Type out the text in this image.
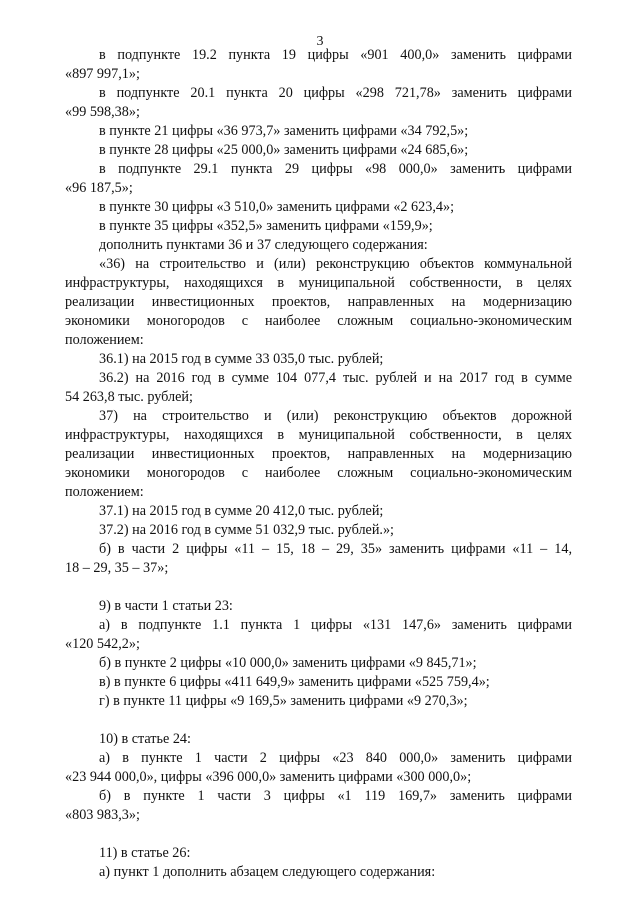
3
в подпункте 19.2 пункта 19 цифры «901 400,0» заменить цифрами
«897 997,1»;
в подпункте 20.1 пункта 20 цифры «298 721,78» заменить цифрами
«99 598,38»;
в пункте 21 цифры «36 973,7» заменить цифрами «34 792,5»;
в пункте 28 цифры «25 000,0» заменить цифрами «24 685,6»;
в подпункте 29.1 пункта 29 цифры «98 000,0» заменить цифрами
«96 187,5»;
в пункте 30 цифры «3 510,0» заменить цифрами «2 623,4»;
в пункте 35 цифры «352,5» заменить цифрами «159,9»;
дополнить пунктами 36 и 37 следующего содержания:
«36) на строительство и (или) реконструкцию объектов коммунальной
инфраструктуры, находящихся в муниципальной собственности, в целях
реализации инвестиционных проектов, направленных на модернизацию
экономики моногородов с наиболее сложным социально-экономическим
положением:
36.1) на 2015 год в сумме 33 035,0 тыс. рублей;
36.2) на 2016 год в сумме 104 077,4 тыс. рублей и на 2017 год в сумме
54 263,8 тыс. рублей;
37) на строительство и (или) реконструкцию объектов дорожной
инфраструктуры, находящихся в муниципальной собственности, в целях
реализации инвестиционных проектов, направленных на модернизацию
экономики моногородов с наиболее сложным социально-экономическим
положением:
37.1) на 2015 год в сумме 20 412,0 тыс. рублей;
37.2) на 2016 год в сумме 51 032,9 тыс. рублей.»;
б) в части 2 цифры «11 – 15, 18 – 29, 35» заменить цифрами «11 – 14,
18 – 29, 35 – 37»;
9) в части 1 статьи 23:
а) в подпункте 1.1 пункта 1 цифры «131 147,6» заменить цифрами
«120 542,2»;
б) в пункте 2 цифры «10 000,0» заменить цифрами «9 845,71»;
в) в пункте 6 цифры «411 649,9» заменить цифрами «525 759,4»;
г) в пункте 11 цифры «9 169,5» заменить цифрами «9 270,3»;
10) в статье 24:
а) в пункте 1 части 2 цифры «23 840 000,0» заменить цифрами
«23 944 000,0», цифры «396 000,0» заменить цифрами «300 000,0»;
б) в пункте 1 части 3 цифры «1 119 169,7» заменить цифрами
«803 983,3»;
11) в статье 26:
а) пункт 1 дополнить абзацем следующего содержания:
